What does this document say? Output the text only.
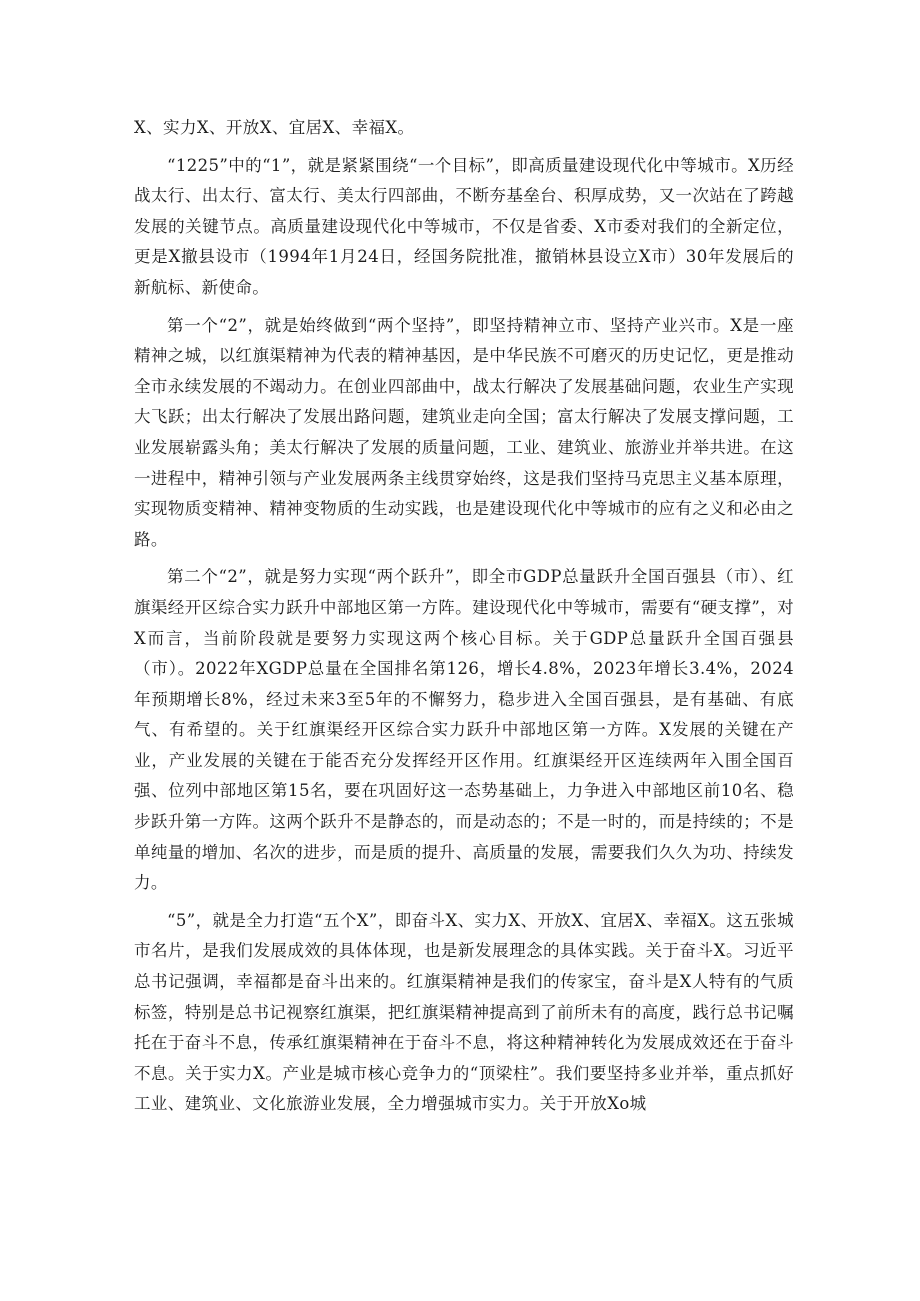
X、实力X、开放X、宜居X、幸福X。

“1225”中的“1”，就是紧紧围绕“一个目标”，即高质量建设现代化中等城市。X历经战太行、出太行、富太行、美太行四部曲，不断夯基垒台、积厚成势，又一次站在了跨越发展的关键节点。高质量建设现代化中等城市，不仅是省委、X市委对我们的全新定位，更是X撤县设市（1994年1月24日，经国务院批准，撤销林县设立X市）30年发展后的新航标、新使命。

第一个“2”，就是始终做到“两个坚持”，即坚持精神立市、坚持产业兴市。X是一座精神之城，以红旗渠精神为代表的精神基因，是中华民族不可磨灭的历史记忆，更是推动全市永续发展的不竭动力。在创业四部曲中，战太行解决了发展基础问题，农业生产实现大飞跃；出太行解决了发展出路问题，建筑业走向全国；富太行解决了发展支撑问题，工业发展崭露头角；美太行解决了发展的质量问题，工业、建筑业、旅游业并举共进。在这一进程中，精神引领与产业发展两条主线贯穿始终，这是我们坚持马克思主义基本原理，实现物质变精神、精神变物质的生动实践，也是建设现代化中等城市的应有之义和必由之路。

第二个“2”，就是努力实现“两个跃升”，即全市GDP总量跃升全国百强县（市）、红旗渠经开区综合实力跃升中部地区第一方阵。建设现代化中等城市，需要有“硬支撑”，对X而言，当前阶段就是要努力实现这两个核心目标。关于GDP总量跃升全国百强县（市）。2022年XGDP总量在全国排名第126，增长4.8%，2023年增长3.4%，2024年预期增长8%，经过未来3至5年的不懈努力，稳步进入全国百强县，是有基础、有底气、有希望的。关于红旗渠经开区综合实力跃升中部地区第一方阵。X发展的关键在产业，产业发展的关键在于能否充分发挥经开区作用。红旗渠经开区连续两年入围全国百强、位列中部地区第15名，要在巩固好这一态势基础上，力争进入中部地区前10名、稳步跃升第一方阵。这两个跃升不是静态的，而是动态的；不是一时的，而是持续的；不是单纯量的增加、名次的进步，而是质的提升、高质量的发展，需要我们久久为功、持续发力。

“5”，就是全力打造“五个X”，即奋斗X、实力X、开放X、宜居X、幸福X。这五张城市名片，是我们发展成效的具体体现，也是新发展理念的具体实践。关于奋斗X。习近平总书记强调，幸福都是奋斗出来的。红旗渠精神是我们的传家宝，奋斗是X人特有的气质标签，特别是总书记视察红旗渠，把红旗渠精神提高到了前所未有的高度，践行总书记嘱托在于奋斗不息，传承红旗渠精神在于奋斗不息，将这种精神转化为发展成效还在于奋斗不息。关于实力X。产业是城市核心竞争力的“顶梁柱”。我们要坚持多业并举，重点抓好工业、建筑业、文化旅游业发展，全力增强城市实力。关于开放Xo城
